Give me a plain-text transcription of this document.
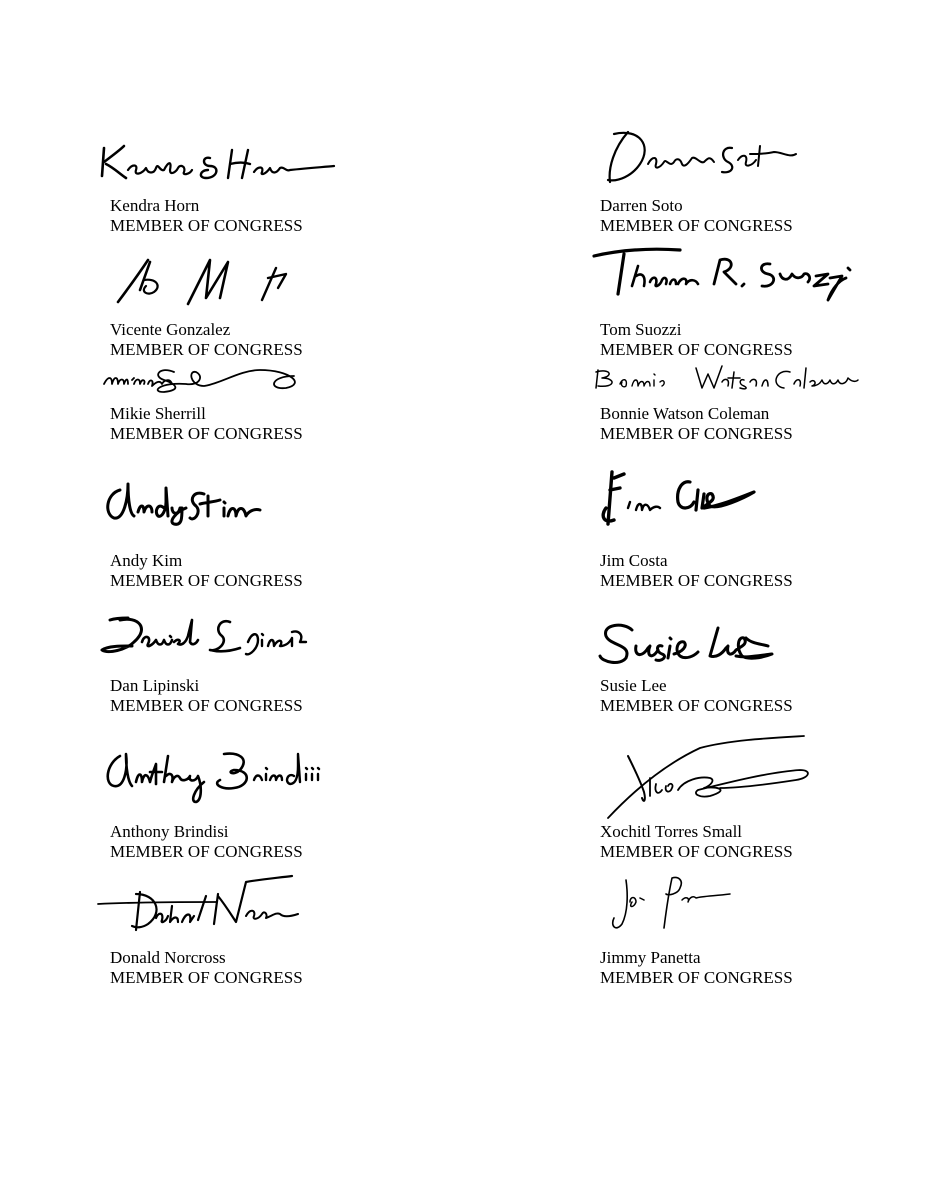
Kendra Horn
MEMBER OF CONGRESS
Darren Soto
MEMBER OF CONGRESS
Vicente Gonzalez
MEMBER OF CONGRESS
Tom Suozzi
MEMBER OF CONGRESS
Mikie Sherrill
MEMBER OF CONGRESS
Bonnie Watson Coleman
MEMBER OF CONGRESS
Andy Kim
MEMBER OF CONGRESS
Jim Costa
MEMBER OF CONGRESS
Dan Lipinski
MEMBER OF CONGRESS
Susie Lee
MEMBER OF CONGRESS
Anthony Brindisi
MEMBER OF CONGRESS
Xochitl Torres Small
MEMBER OF CONGRESS
Donald Norcross
MEMBER OF CONGRESS
Jimmy Panetta
MEMBER OF CONGRESS
